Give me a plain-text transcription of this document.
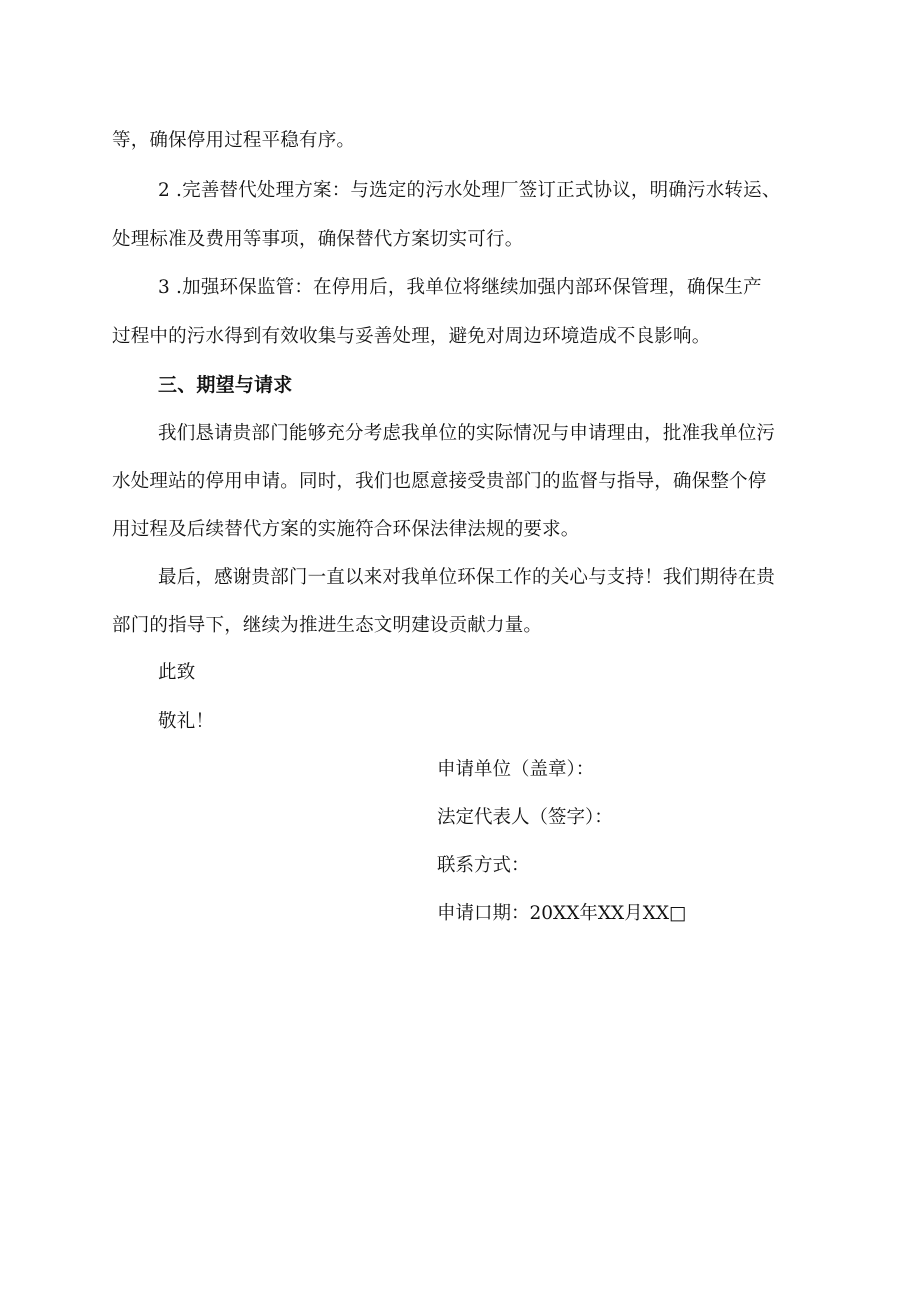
等，确保停用过程平稳有序。
2 .完善替代处理方案：与选定的污水处理厂签订正式协议，明确污水转运、
处理标准及费用等事项，确保替代方案切实可行。
3 .加强环保监管：在停用后，我单位将继续加强内部环保管理，确保生产
过程中的污水得到有效收集与妥善处理，避免对周边环境造成不良影响。
三、期望与请求
我们恳请贵部门能够充分考虑我单位的实际情况与申请理由，批准我单位污
水处理站的停用申请。同时，我们也愿意接受贵部门的监督与指导，确保整个停
用过程及后续替代方案的实施符合环保法律法规的要求。
最后，感谢贵部门一直以来对我单位环保工作的关心与支持！我们期待在贵
部门的指导下，继续为推进生态文明建设贡献力量。
此致
敬礼！
申请单位（盖章）：
法定代表人（签字）：
联系方式：
申请口期：20XX年XX月XX□
